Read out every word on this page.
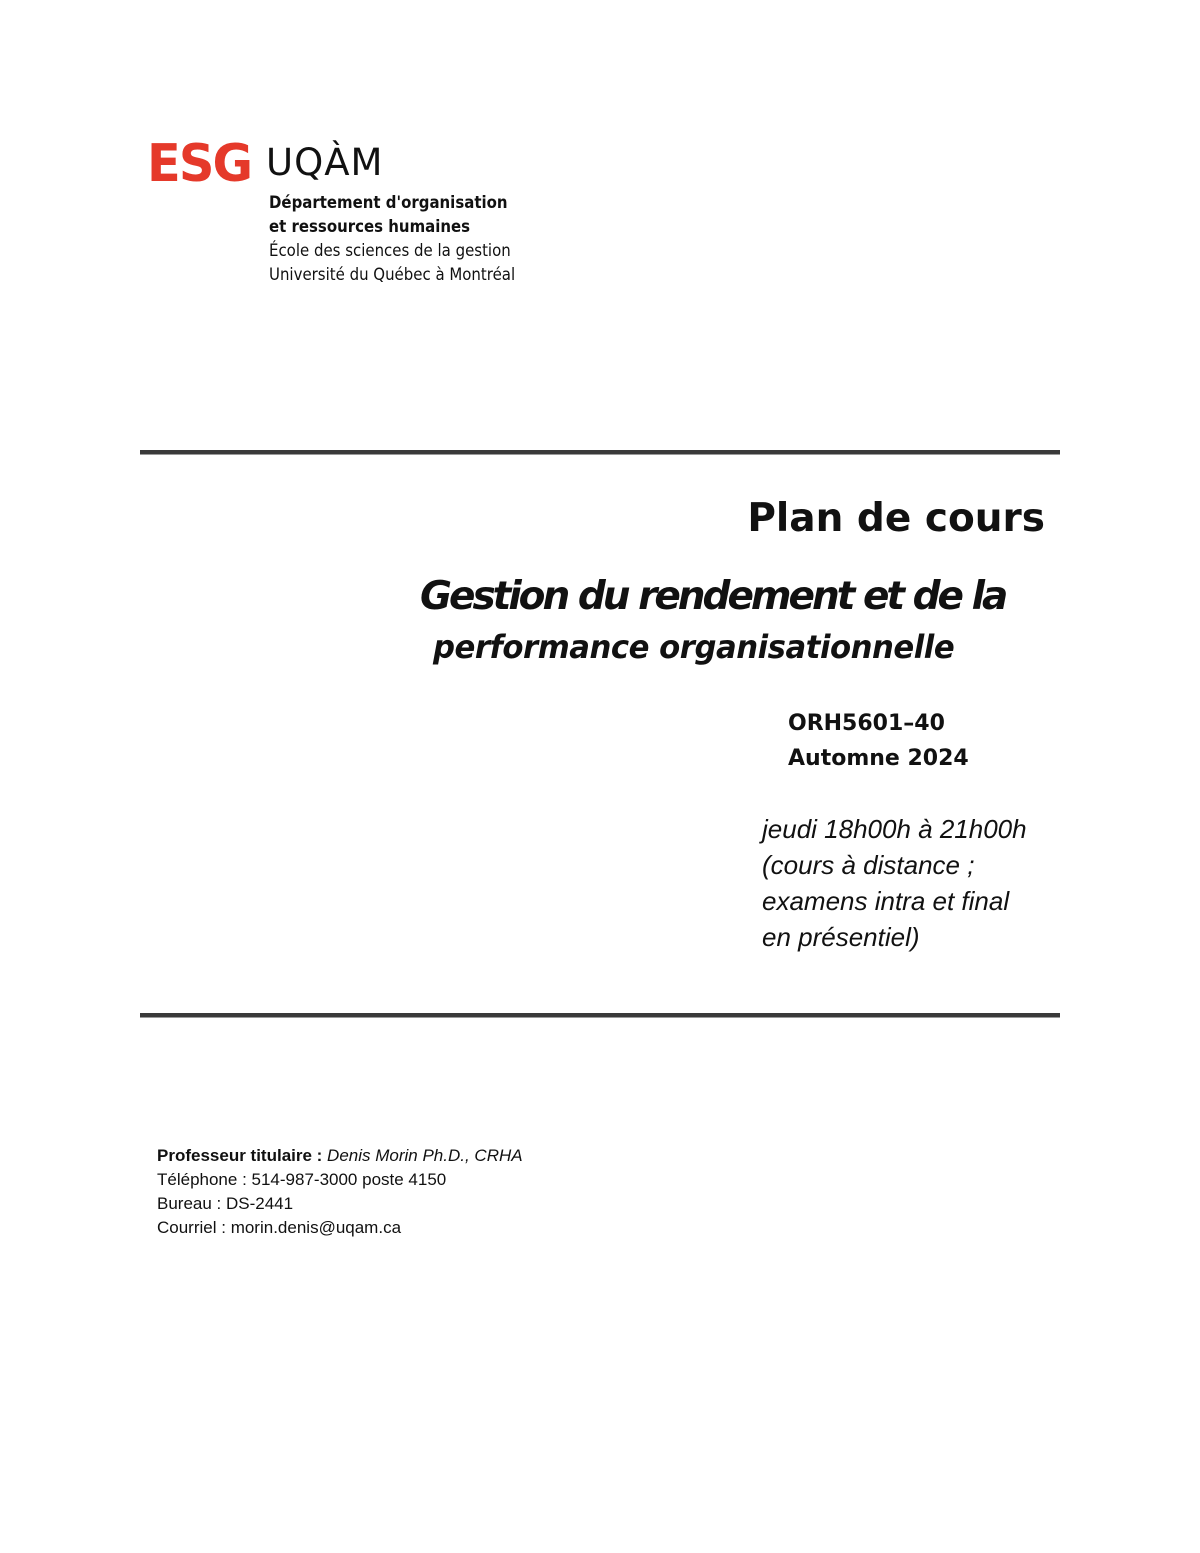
ESG UQÀM
Département d'organisation
et ressources humaines
École des sciences de la gestion
Université du Québec à Montréal
Plan de cours
Gestion du rendement et de la
performance organisationnelle
ORH5601–40
Automne 2024
jeudi 18h00h à 21h00h
(cours à distance ;
examens intra et final
en présentiel)
Professeur titulaire : Denis Morin Ph.D., CRHA
Téléphone : 514-987-3000 poste 4150
Bureau : DS-2441
Courriel : morin.denis@uqam.ca
